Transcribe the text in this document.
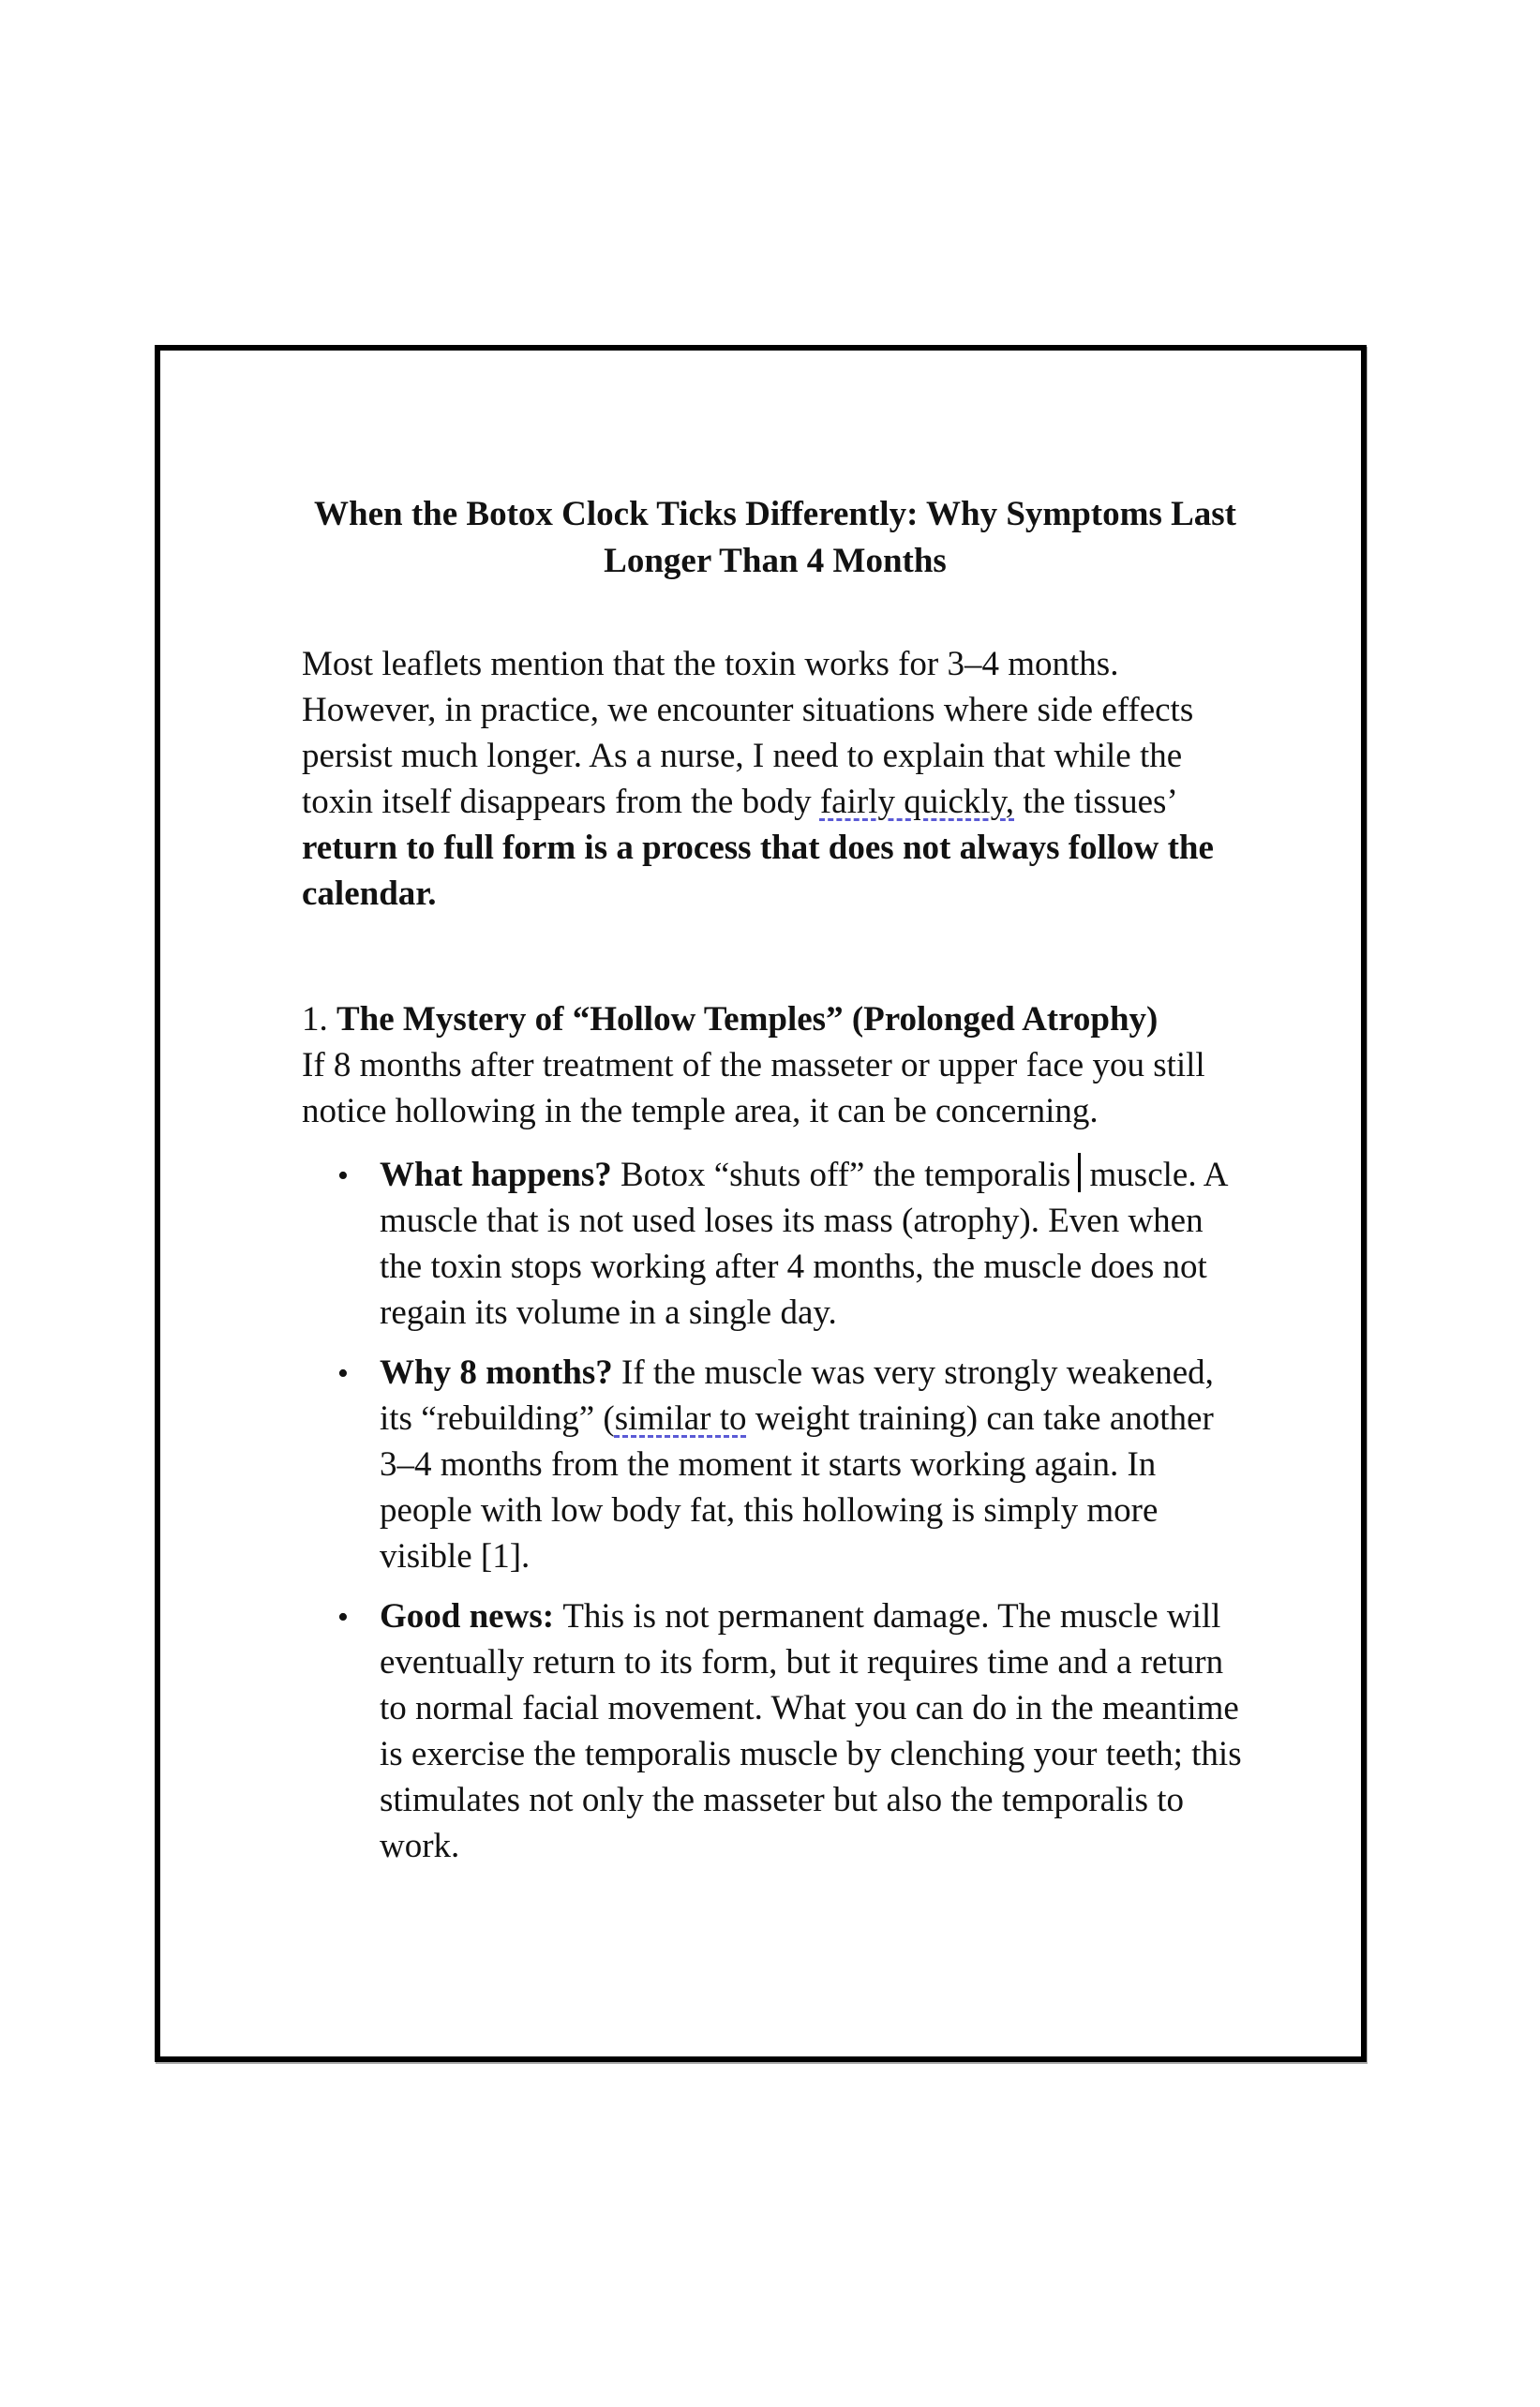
When the Botox Clock Ticks Differently: Why Symptoms Last Longer Than 4 Months

Most leaflets mention that the toxin works for 3–4 months. However, in practice, we encounter situations where side effects persist much longer. As a nurse, I need to explain that while the toxin itself disappears from the body fairly quickly, the tissues’ return to full form is a process that does not always follow the calendar.

1. The Mystery of “Hollow Temples” (Prolonged Atrophy)

If 8 months after treatment of the masseter or upper face you still notice hollowing in the temple area, it can be concerning.

• What happens? Botox “shuts off” the temporalis muscle. A muscle that is not used loses its mass (atrophy). Even when the toxin stops working after 4 months, the muscle does not regain its volume in a single day.
• Why 8 months? If the muscle was very strongly weakened, its “rebuilding” (similar to weight training) can take another 3–4 months from the moment it starts working again. In people with low body fat, this hollowing is simply more visible [1].
• Good news: This is not permanent damage. The muscle will eventually return to its form, but it requires time and a return to normal facial movement. What you can do in the meantime is exercise the temporalis muscle by clenching your teeth; this stimulates not only the masseter but also the temporalis to work.
